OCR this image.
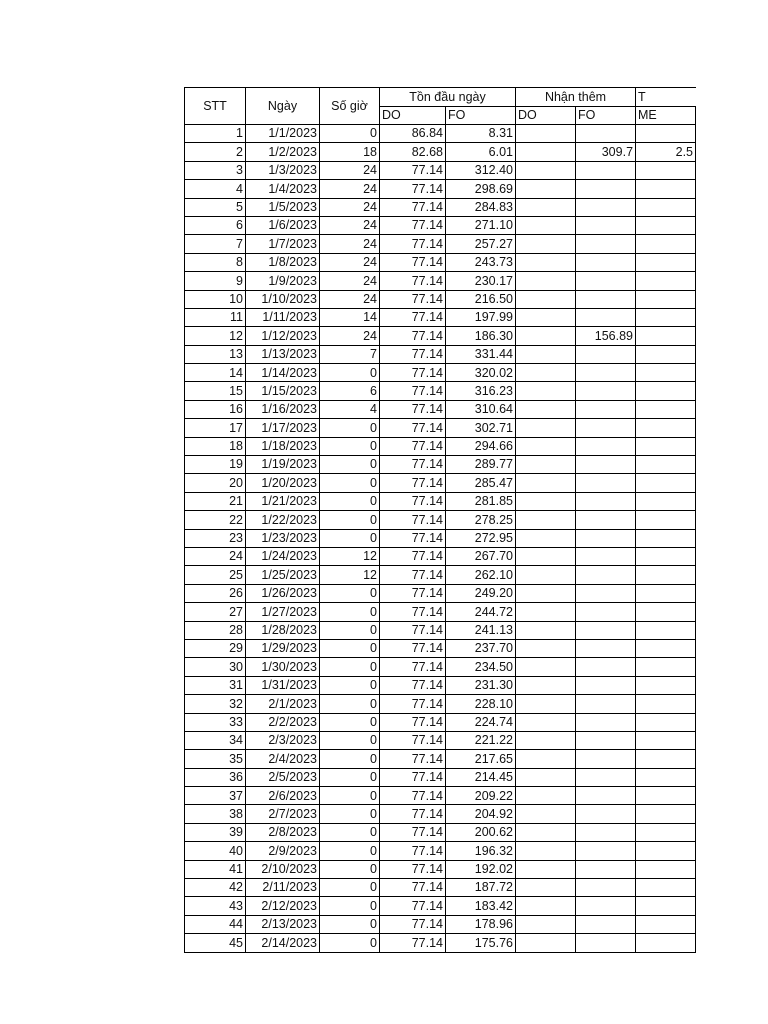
STT	Ngày	Số giờ	Tồn đầu ngày		Nhận thêm		T	
			DO	FO	DO	FO	ME	
1	1/1/2023	0	86.84	8.31				
2	1/2/2023	18	82.68	6.01		309.7	2.5	
3	1/3/2023	24	77.14	312.40				
4	1/4/2023	24	77.14	298.69				
5	1/5/2023	24	77.14	284.83				
6	1/6/2023	24	77.14	271.10				
7	1/7/2023	24	77.14	257.27				
8	1/8/2023	24	77.14	243.73				
9	1/9/2023	24	77.14	230.17				
10	1/10/2023	24	77.14	216.50				
11	1/11/2023	14	77.14	197.99				
12	1/12/2023	24	77.14	186.30		156.89		
13	1/13/2023	7	77.14	331.44				
14	1/14/2023	0	77.14	320.02				
15	1/15/2023	6	77.14	316.23				
16	1/16/2023	4	77.14	310.64				
17	1/17/2023	0	77.14	302.71				
18	1/18/2023	0	77.14	294.66				
19	1/19/2023	0	77.14	289.77				
20	1/20/2023	0	77.14	285.47				
21	1/21/2023	0	77.14	281.85				
22	1/22/2023	0	77.14	278.25				
23	1/23/2023	0	77.14	272.95				
24	1/24/2023	12	77.14	267.70				
25	1/25/2023	12	77.14	262.10				
26	1/26/2023	0	77.14	249.20				
27	1/27/2023	0	77.14	244.72				
28	1/28/2023	0	77.14	241.13				
29	1/29/2023	0	77.14	237.70				
30	1/30/2023	0	77.14	234.50				
31	1/31/2023	0	77.14	231.30				
32	2/1/2023	0	77.14	228.10				
33	2/2/2023	0	77.14	224.74				
34	2/3/2023	0	77.14	221.22				
35	2/4/2023	0	77.14	217.65				
36	2/5/2023	0	77.14	214.45				
37	2/6/2023	0	77.14	209.22				
38	2/7/2023	0	77.14	204.92				
39	2/8/2023	0	77.14	200.62				
40	2/9/2023	0	77.14	196.32				
41	2/10/2023	0	77.14	192.02				
42	2/11/2023	0	77.14	187.72				
43	2/12/2023	0	77.14	183.42				
44	2/13/2023	0	77.14	178.96				
45	2/14/2023	0	77.14	175.76				
